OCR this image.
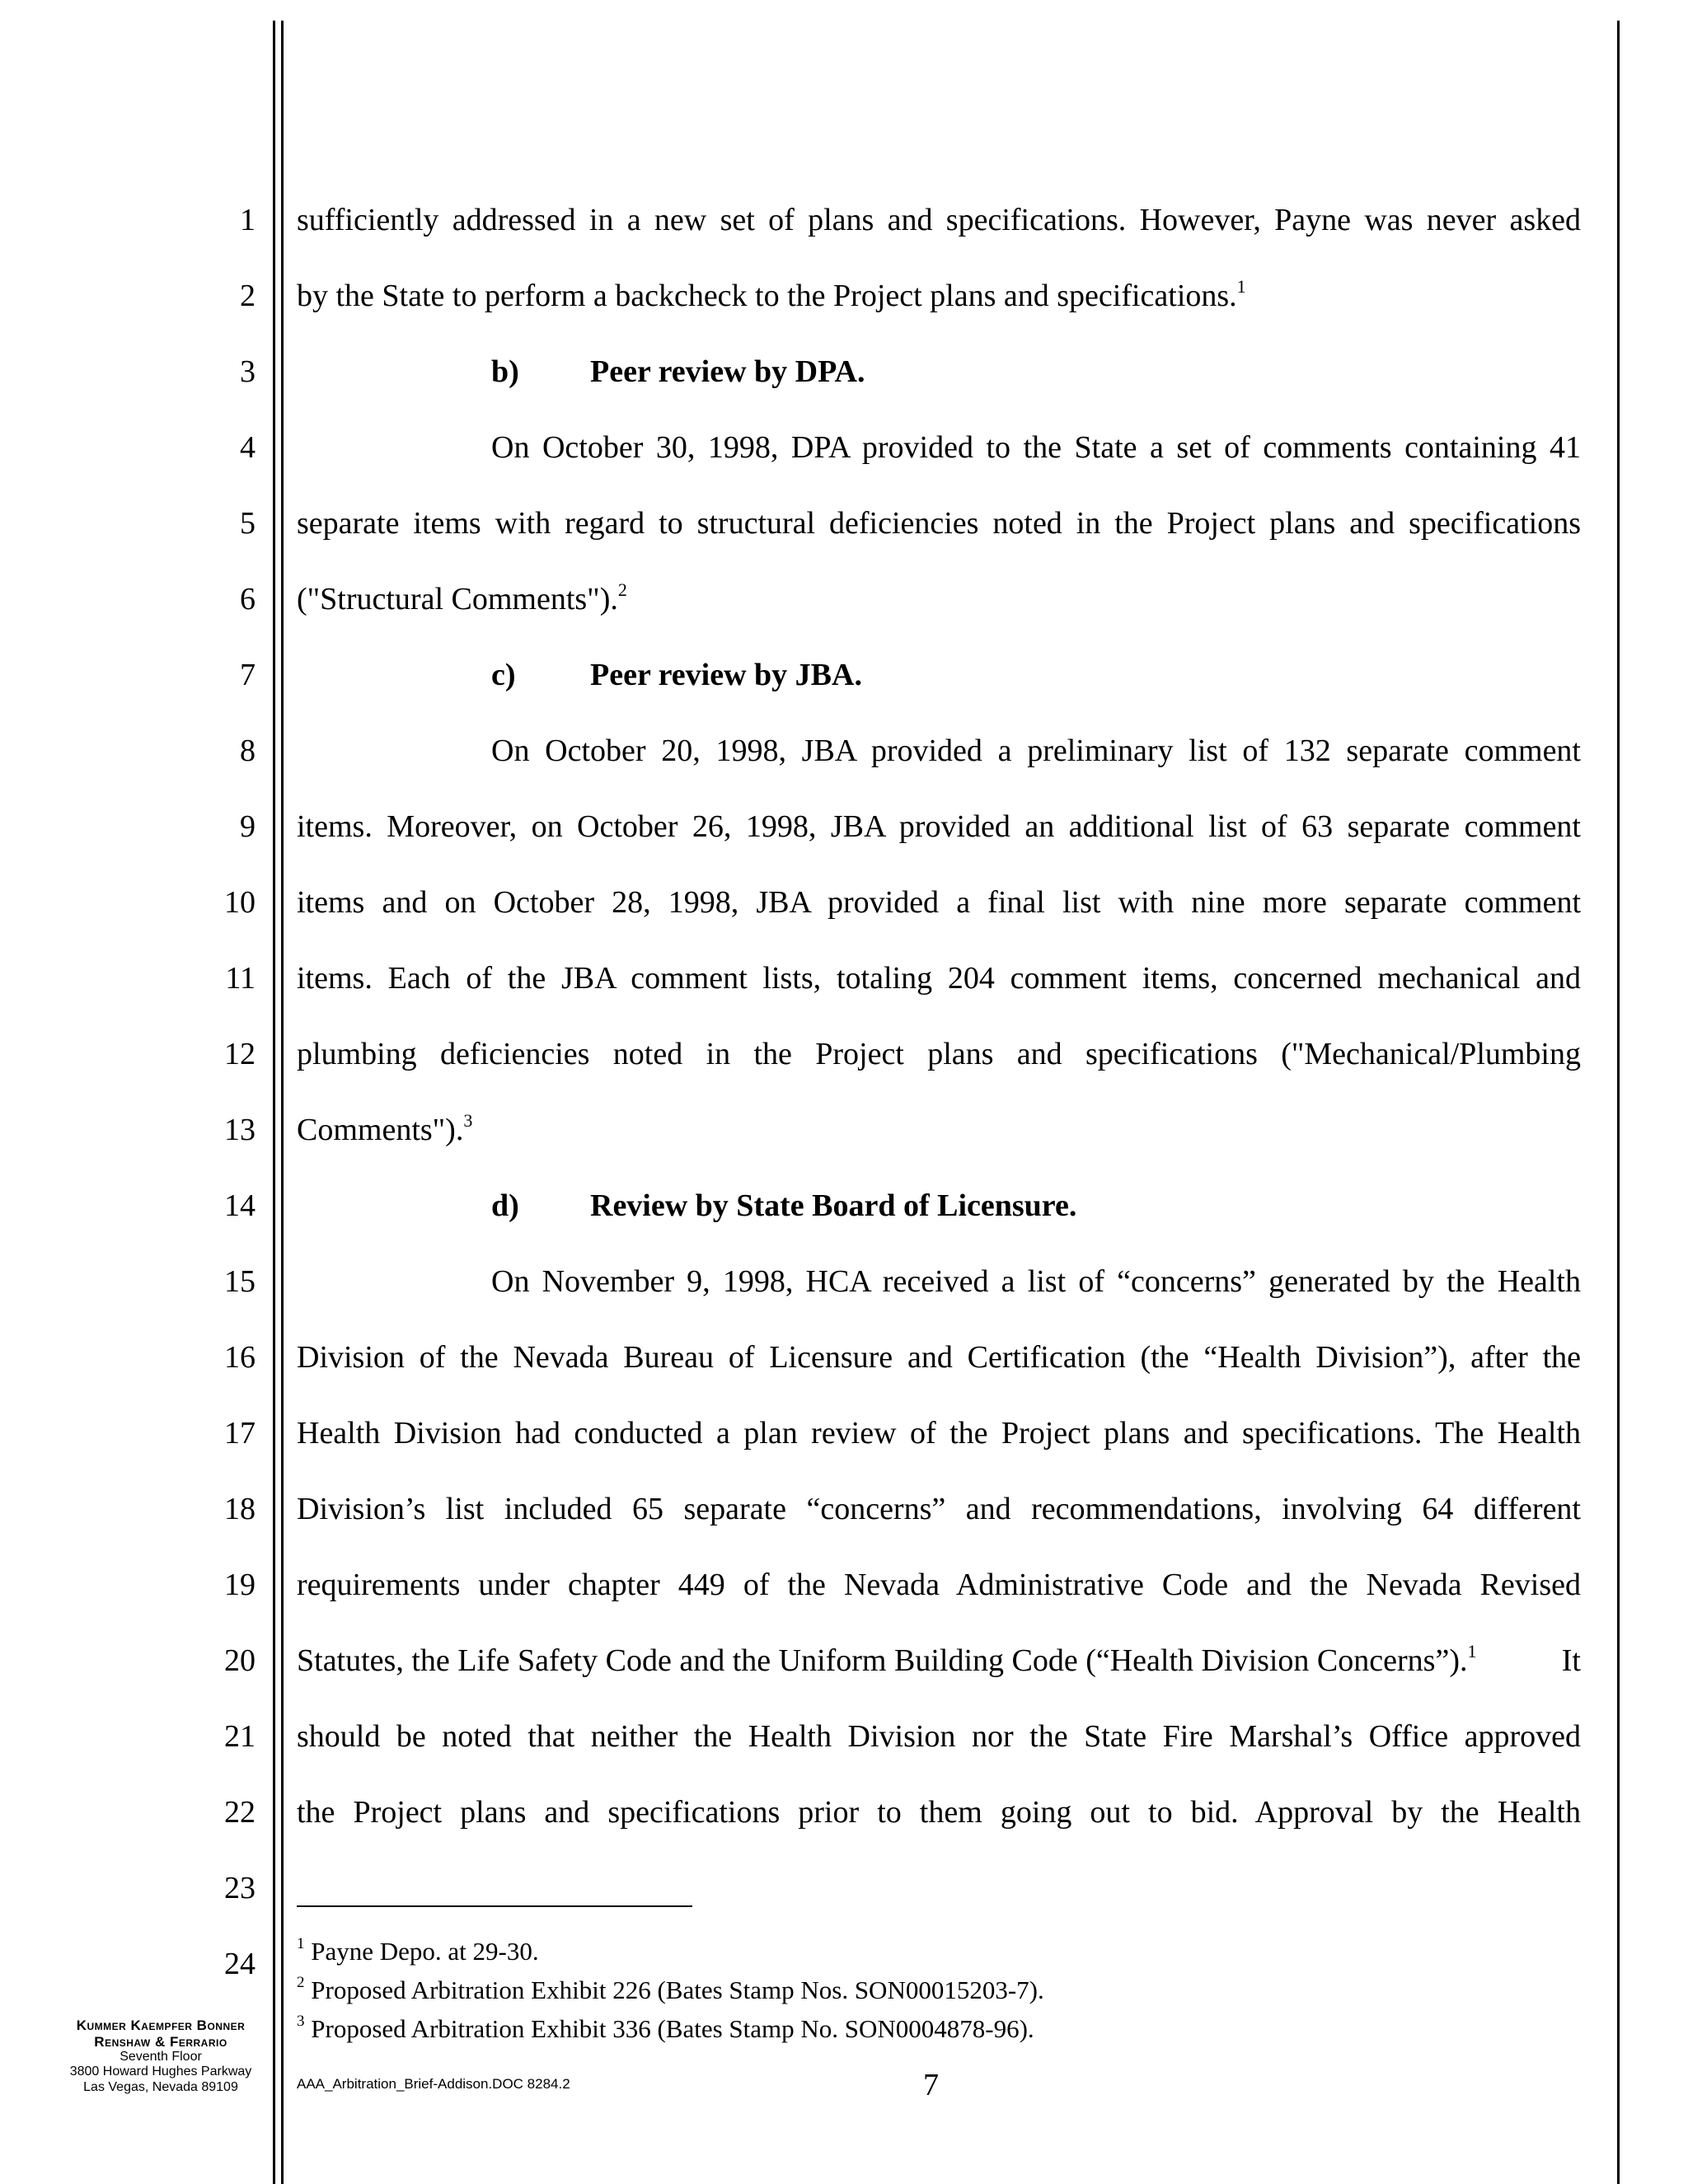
1
2
3
4
5
6
7
8
9
10
11
12
13
14
15
16
17
18
19
20
21
22
23
24
sufficiently addressed in a new set of plans and specifications. However, Payne was never asked
by the State to perform a backcheck to the Project plans and specifications.$^1$
b) Peer review by DPA.
On October 30, 1998, DPA provided to the State a set of comments containing 41
separate items with regard to structural deficiencies noted in the Project plans and specifications
("Structural Comments").$^2$
c) Peer review by JBA.
On October 20, 1998, JBA provided a preliminary list of 132 separate comment
items. Moreover, on October 26, 1998, JBA provided an additional list of 63 separate comment
items and on October 28, 1998, JBA provided a final list with nine more separate comment
items. Each of the JBA comment lists, totaling 204 comment items, concerned mechanical and
plumbing deficiencies noted in the Project plans and specifications ("Mechanical/Plumbing
Comments").$^3$
d) Review by State Board of Licensure.
On November 9, 1998, HCA received a list of “concerns” generated by the Health
Division of the Nevada Bureau of Licensure and Certification (the “Health Division”), after the
Health Division had conducted a plan review of the Project plans and specifications. The Health
Division’s list included 65 separate “concerns” and recommendations, involving 64 different
requirements under chapter 449 of the Nevada Administrative Code and the Nevada Revised
Statutes, the Life Safety Code and the Uniform Building Code (“Health Division Concerns”).$^1$	It
should be noted that neither the Health Division nor the State Fire Marshal’s Office approved
the Project plans and specifications prior to them going out to bid. Approval by the Health
$^1$ Payne Depo. at 29-30.
$^2$ Proposed Arbitration Exhibit 226 (Bates Stamp Nos. SON00015203-7).
$^3$ Proposed Arbitration Exhibit 336 (Bates Stamp No. SON0004878-96).
Kummer Kaempfer Bonner
Renshaw & Ferrario
Seventh Floor
3800 Howard Hughes Parkway
Las Vegas, Nevada 89109	AAA_Arbitration_Brief-Addison.DOC 8284.2	7
